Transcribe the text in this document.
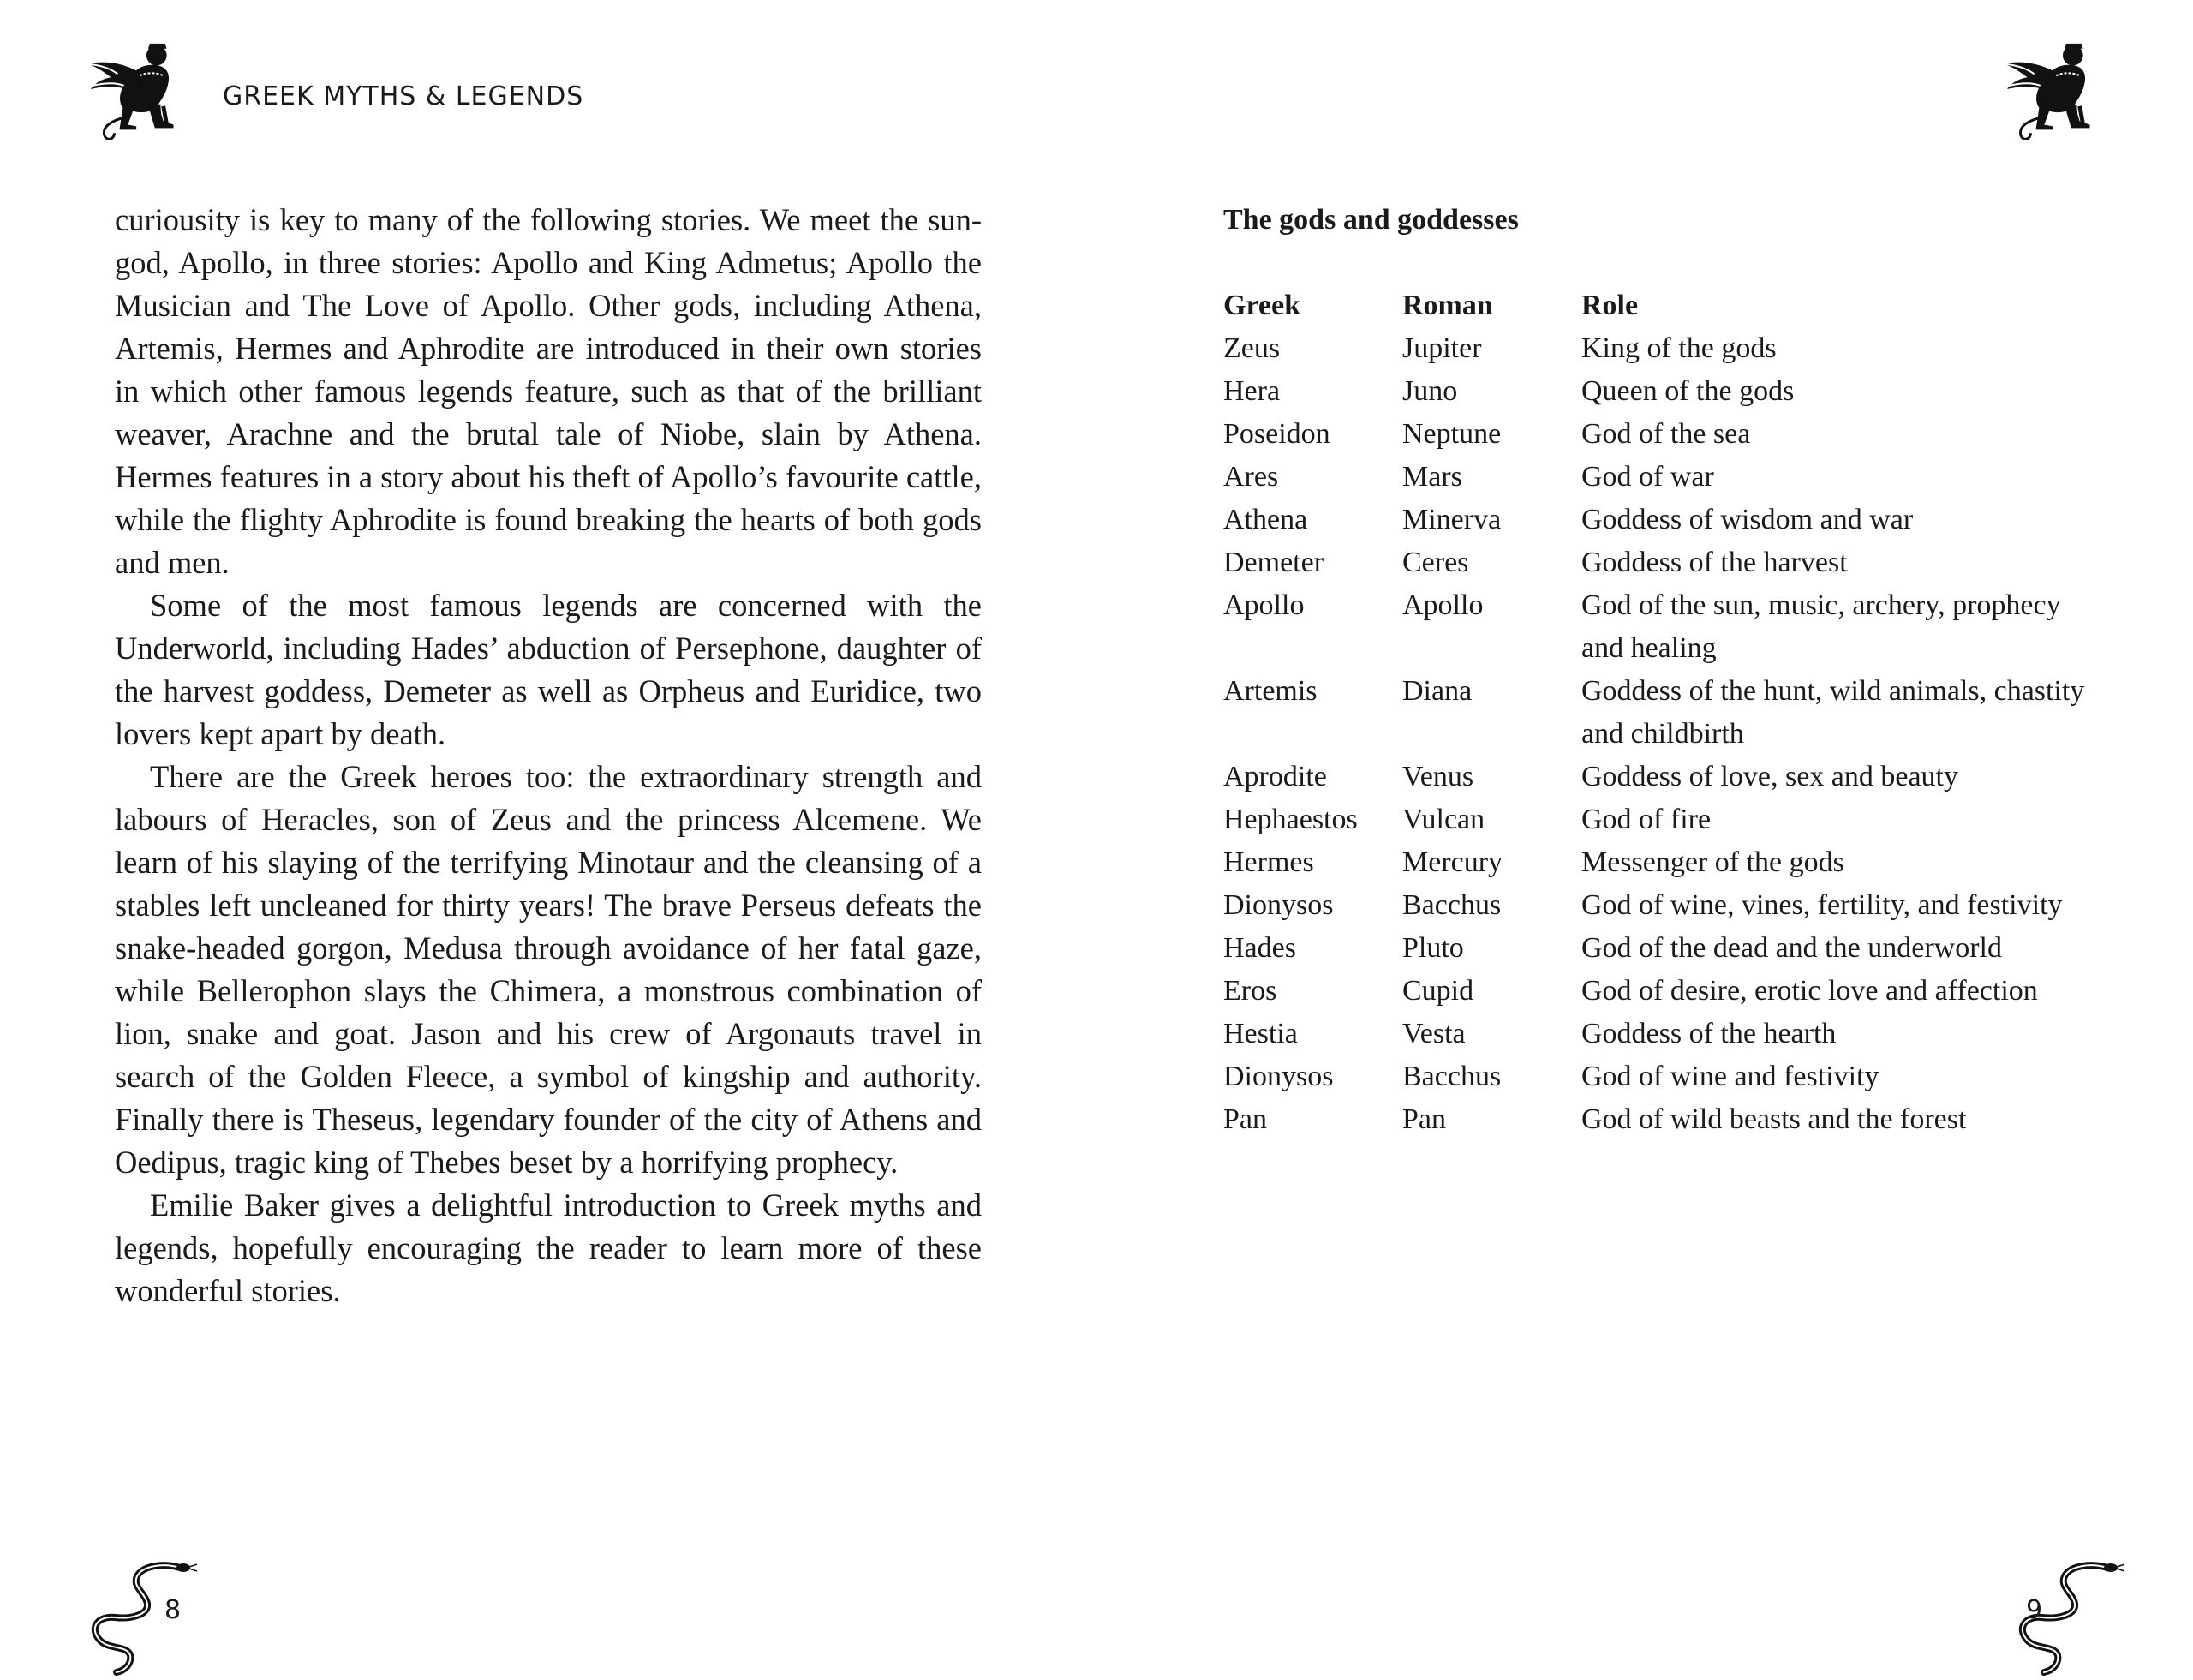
GREEK MYTHS & LEGENDS

curiousity is key to many of the following stories. We meet the sun-god, Apollo, in three stories: Apollo and King Admetus; Apollo the Musician and The Love of Apollo. Other gods, including Athena, Artemis, Hermes and Aphrodite are introduced in their own stories in which other famous legends feature, such as that of the brilliant weaver, Arachne and the brutal tale of Niobe, slain by Athena. Hermes features in a story about his theft of Apollo’s favourite cattle, while the flighty Aphrodite is found breaking the hearts of both gods and men.

Some of the most famous legends are concerned with the Underworld, including Hades’ abduction of Persephone, daughter of the harvest goddess, Demeter as well as Orpheus and Euridice, two lovers kept apart by death.

There are the Greek heroes too: the extraordinary strength and labours of Heracles, son of Zeus and the princess Alcemene. We learn of his slaying of the terrifying Minotaur and the cleansing of a stables left uncleaned for thirty years! The brave Perseus defeats the snake-headed gorgon, Medusa through avoidance of her fatal gaze, while Bellerophon slays the Chimera, a monstrous combination of lion, snake and goat. Jason and his crew of Argonauts travel in search of the Golden Fleece, a symbol of kingship and authority. Finally there is Theseus, legendary founder of the city of Athens and Oedipus, tragic king of Thebes beset by a horrifying prophecy.

Emilie Baker gives a delightful introduction to Greek myths and legends, hopefully encouraging the reader to learn more of these wonderful stories.

8
The gods and goddesses
Greek	Roman	Role
Zeus	Jupiter	King of the gods
Hera	Juno	Queen of the gods
Poseidon	Neptune	God of the sea
Ares	Mars	God of war
Athena	Minerva	Goddess of wisdom and war
Demeter	Ceres	Goddess of the harvest
Apollo	Apollo	God of the sun, music, archery, prophecy and healing
Artemis	Diana	Goddess of the hunt, wild animals, chastity and childbirth
Aprodite	Venus	Goddess of love, sex and beauty
Hephaestos	Vulcan	God of fire
Hermes	Mercury	Messenger of the gods
Dionysos	Bacchus	God of wine, vines, fertility, and festivity
Hades	Pluto	God of the dead and the underworld
Eros	Cupid	God of desire, erotic love and affection
Hestia	Vesta	Goddess of the hearth
Dionysos	Bacchus	God of wine and festivity
Pan	Pan	God of wild beasts and the forest
9
